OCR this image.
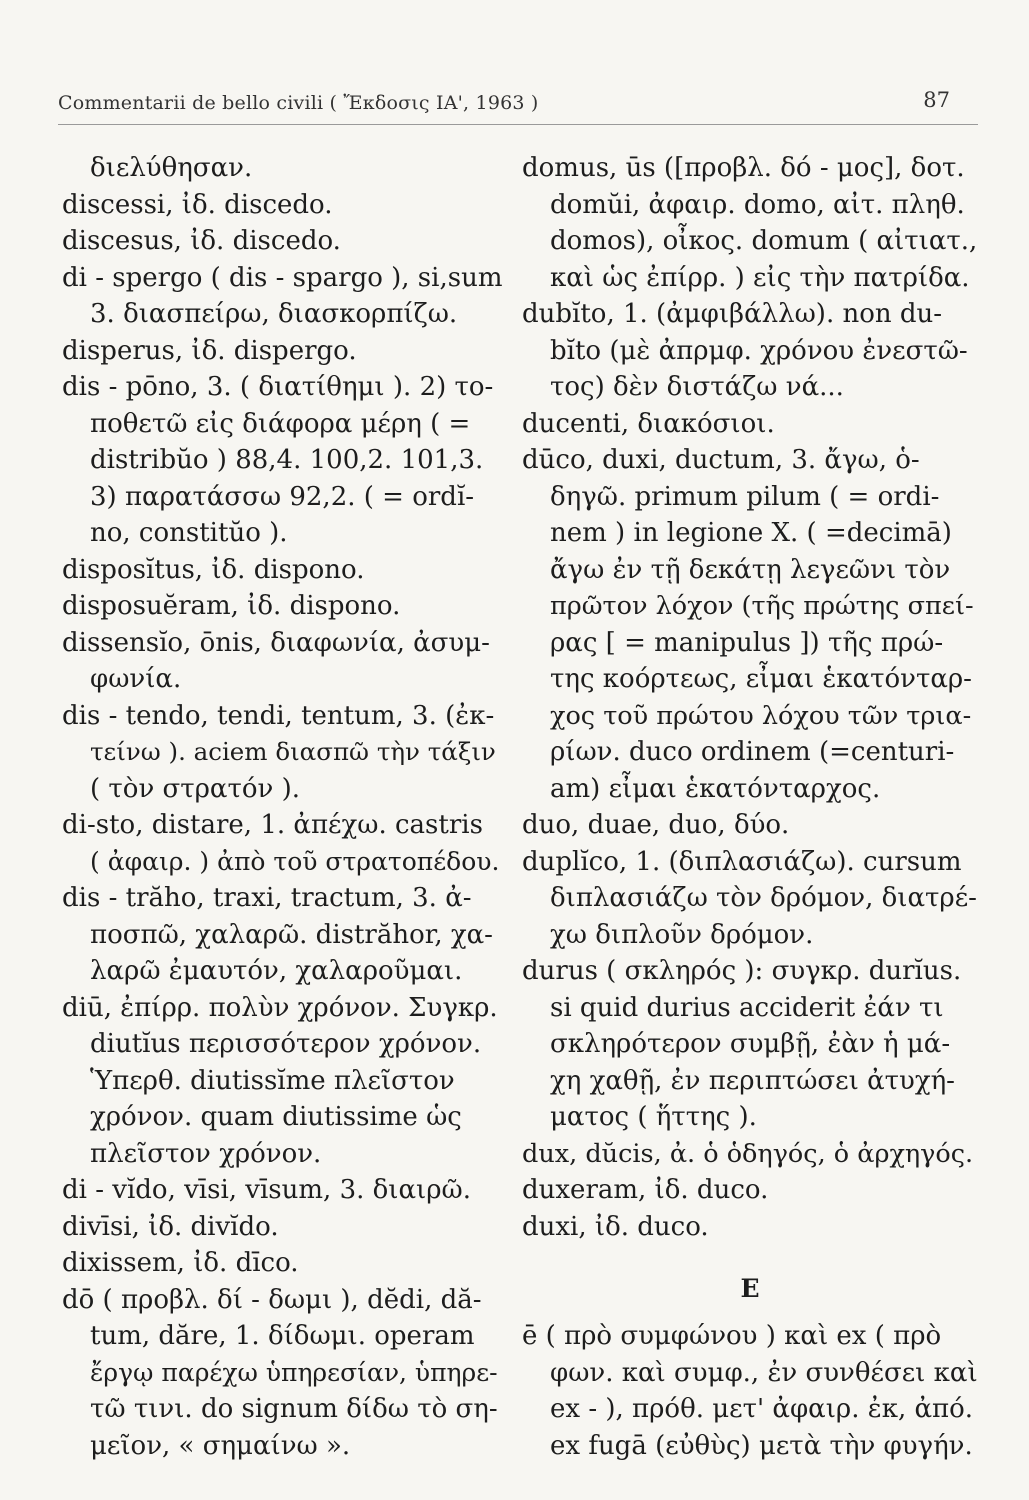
Commentarii de bello civili ( Ἔκδοσις ΙΑ', 1963 )	87
διελύθησαν.
discessi, ἰδ. discedo.
discesus, ἰδ. discedo.
di - spergo ( dis - spargo ), si,sum
3. διασπείρω, διασκορπίζω.
disperus, ἰδ. dispergo.
dis - pōno, 3. ( διατίθημι ). 2) το-
ποθετῶ εἰς διάφορα μέρη ( =
distribŭo ) 88,4. 100,2. 101,3.
3) παρατάσσω 92,2. ( = ordĭ-
no, constitŭo ).
disposĭtus, ἰδ. dispono.
disposuĕram, ἰδ. dispono.
dissensĭo, ōnis, διαφωνία, ἀσυμ-
φωνία.
dis - tendo, tendi, tentum, 3. (ἐκ-
τείνω ). aciem διασπῶ τὴν τάξιν
( τὸν στρατόν ).
di-sto, distare, 1. ἀπέχω. castris
( ἀφαιρ. ) ἀπὸ τοῦ στρατοπέδου.
dis - trăho, traxi, tractum, 3. ἀ-
ποσπῶ, χαλαρῶ. distrăhor, χα-
λαρῶ ἐμαυτόν, χαλαροῦμαι.
diū, ἐπίρρ. πολὺν χρόνον. Συγκρ.
diutĭus περισσότερον χρόνον.
Ὑπερθ. diutissĭme πλεῖστον
χρόνον. quam diutissime ὡς
πλεῖστον χρόνον.
di - vĭdo, vīsi, vīsum, 3. διαιρῶ.
divīsi, ἰδ. divĭdo.
dixissem, ἰδ. dīco.
dō ( προβλ. δί - δωμι ), dĕdi, dă-
tum, dăre, 1. δίδωμι. operam
ἔργῳ παρέχω ὑπηρεσίαν, ὑπηρε-
τῶ τινι. do signum δίδω τὸ ση-
μεῖον, « σημαίνω ».
domus, ūs ([προβλ. δό - μος], δοτ.
domŭi, ἀφαιρ. domo, αἰτ. πληθ.
domos), οἶκος. domum ( αἰτιατ.,
καὶ ὡς ἐπίρρ. ) εἰς τὴν πατρίδα.
dubĭto, 1. (ἀμφιβάλλω). non du-
bĭto (μὲ ἀπρμφ. χρόνου ἐνεστῶ-
τος) δὲν διστάζω νά...
ducenti, διακόσιοι.
dūco, duxi, ductum, 3. ἄγω, ὁ-
δηγῶ. primum pilum ( = ordi-
nem ) in legione X. ( =decimā)
ἄγω ἐν τῇ δεκάτῃ λεγεῶνι τὸν
πρῶτον λόχον (τῆς πρώτης σπεί-
ρας [ = manipulus ]) τῆς πρώ-
της κοόρτεως, εἶμαι ἑκατόνταρ-
χος τοῦ πρώτου λόχου τῶν τρια-
ρίων. duco ordinem (=centuri-
am) εἶμαι ἑκατόνταρχος.
duo, duae, duo, δύο.
duplĭco, 1. (διπλασιάζω). cursum
διπλασιάζω τὸν δρόμον, διατρέ-
χω διπλοῦν δρόμον.
durus ( σκληρός ): συγκρ. durĭus.
si quid durius acciderit ἐάν τι
σκληρότερον συμβῇ, ἐὰν ἡ μά-
χη χαθῇ, ἐν περιπτώσει ἀτυχή-
ματος ( ἥττης ).
dux, dŭcis, ἀ. ὁ ὁδηγός, ὁ ἀρχηγός.
duxeram, ἰδ. duco.
duxi, ἰδ. duco.
E
ē ( πρὸ συμφώνου ) καὶ ex ( πρὸ
φων. καὶ συμφ., ἐν συνθέσει καὶ
ex - ), πρόθ. μετ' ἀφαιρ. ἐκ, ἀπό.
ex fugā (εὐθὺς) μετὰ τὴν φυγήν.
